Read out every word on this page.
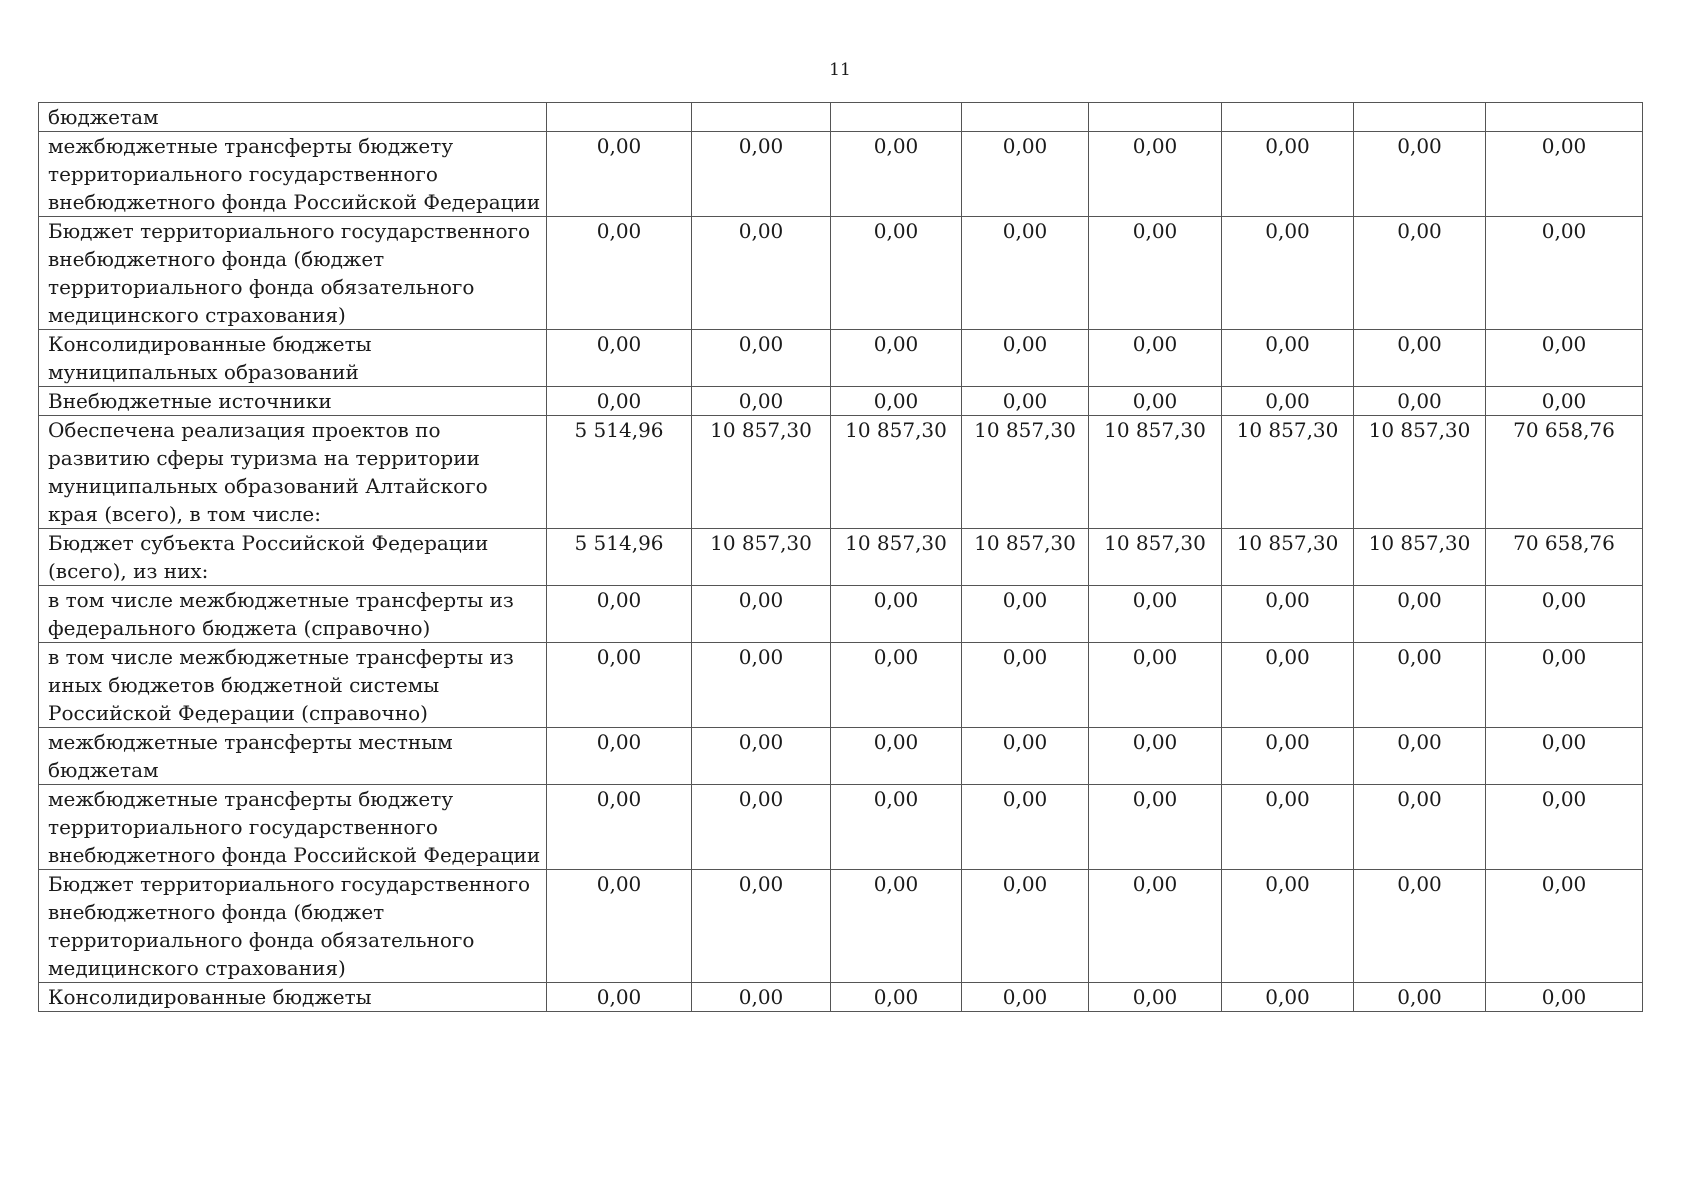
11
бюджетам								
межбюджетные трансферты бюджету территориального государственного внебюджетного фонда Российской Федерации	0,00	0,00	0,00	0,00	0,00	0,00	0,00	0,00
Бюджет территориального государственного внебюджетного фонда (бюджет территориального фонда обязательного медицинского страхования)	0,00	0,00	0,00	0,00	0,00	0,00	0,00	0,00
Консолидированные бюджеты муниципальных образований	0,00	0,00	0,00	0,00	0,00	0,00	0,00	0,00
Внебюджетные источники	0,00	0,00	0,00	0,00	0,00	0,00	0,00	0,00
Обеспечена реализация проектов по развитию сферы туризма на территории муниципальных образований Алтайского края (всего), в том числе:	5 514,96	10 857,30	10 857,30	10 857,30	10 857,30	10 857,30	10 857,30	70 658,76
Бюджет субъекта Российской Федерации (всего), из них:	5 514,96	10 857,30	10 857,30	10 857,30	10 857,30	10 857,30	10 857,30	70 658,76
в том числе межбюджетные трансферты из федерального бюджета (справочно)	0,00	0,00	0,00	0,00	0,00	0,00	0,00	0,00
в том числе межбюджетные трансферты из иных бюджетов бюджетной системы Российской Федерации (справочно)	0,00	0,00	0,00	0,00	0,00	0,00	0,00	0,00
межбюджетные трансферты местным бюджетам	0,00	0,00	0,00	0,00	0,00	0,00	0,00	0,00
межбюджетные трансферты бюджету территориального государственного внебюджетного фонда Российской Федерации	0,00	0,00	0,00	0,00	0,00	0,00	0,00	0,00
Бюджет территориального государственного внебюджетного фонда (бюджет территориального фонда обязательного медицинского страхования)	0,00	0,00	0,00	0,00	0,00	0,00	0,00	0,00
Консолидированные бюджеты	0,00	0,00	0,00	0,00	0,00	0,00	0,00	0,00
